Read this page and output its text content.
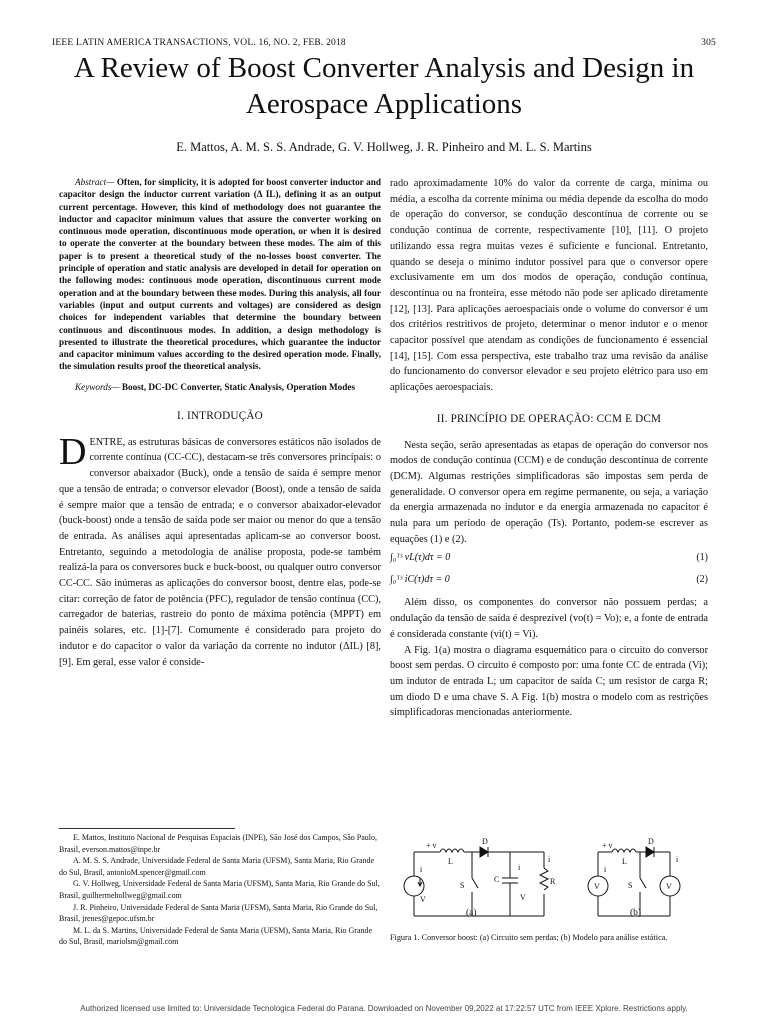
IEEE LATIN AMERICA TRANSACTIONS, VOL. 16, NO. 2, FEB. 2018	305
A Review of Boost Converter Analysis and Design in
Aerospace Applications
E. Mattos, A. M. S. S. Andrade, G. V. Hollweg, J. R. Pinheiro and M. L. S. Martins
Abstract— Often, for simplicity, it is adopted for boost converter inductor and capacitor design the inductor current variation (Δ IL), defining it as an output current percentage. However, this kind of methodology does not guarantee the inductor and capacitor minimum values that assure the converter working on continuous mode operation, discontinuous mode operation, or when it is desired to operate the converter at the boundary between these modes. The aim of this paper is to present a theoretical study of the no-losses boost converter. The principle of operation and static analysis are developed in detail for operation on the following modes: continuous mode operation, discontinuous current mode operation and at the boundary between these modes. During this analysis, all four variables (input and output currents and voltages) are considered as design choices for independent variables that determine the boundary between continuous and discontinuous modes. In addition, a design methodology is presented to illustrate the theoretical procedures, which guarantee the inductor and capacitor minimum values according to the desired operation mode. Finally, the simulation results proof the theoretical analysis.
Keywords— Boost, DC-DC Converter, Static Analysis, Operation Modes
I. INTRODUÇÃO

DENTRE, as estruturas básicas de conversores estáticos não isolados de corrente contínua (CC-CC), destacam-se três conversores principais: o conversor abaixador (Buck), onde a tensão de saída é sempre menor que a tensão de entrada; o conversor elevador (Boost), onde a tensão de saída é sempre maior que a tensão de entrada; e o conversor abaixador-elevador (buck-boost) onde a tensão de saída pode ser maior ou menor do que a tensão de entrada. As análises aqui apresentadas aplicam-se ao conversor boost. Entretanto, seguindo a metodologia de análise proposta, pode-se também realizá-la para os conversores buck e buck-boost, ou qualquer outro conversor CC-CC. São inúmeras as aplicações do conversor boost, dentre elas, pode-se citar: correção de fator de potência (PFC), regulador de tensão contínua (CC), carregador de baterias, rastreio do ponto de máxima potência (MPPT) em painéis solares, etc. [1]-[7]. Comumente é considerado para projeto do indutor e do capacitor o valor da variação da corrente no indutor (ΔIL) [8], [9]. Em geral, esse valor é conside-

rado aproximadamente 10% do valor da corrente de carga, mínima ou média, a escolha da corrente mínima ou média depende da escolha do modo de operação do conversor, se condução descontínua de corrente ou se condução contínua de corrente, respectivamente [10], [11]. O projeto utilizando essa regra muitas vezes é suficiente e funcional. Entretanto, quando se deseja o mínimo indutor possível para que o conversor opere exclusivamente em um dos modos de operação, condução contínua, descontínua ou na fronteira, esse método não pode ser aplicado diretamente [12], [13]. Para aplicações aeroespaciais onde o volume do conversor é um dos critérios restritivos de projeto, determinar o menor indutor e o menor capacitor possível que atendam as condições de funcionamento é essencial [14], [15]. Com essa perspectiva, este trabalho traz uma revisão da análise do funcionamento do conversor elevador e seu projeto elétrico para uso em aplicações aeroespaciais.

II. PRINCÍPIO DE OPERAÇÃO: CCM E DCM

Nesta seção, serão apresentadas as etapas de operação do conversor nos modos de condução contínua (CCM) e de condução descontínua de corrente (DCM). Algumas restrições simplificadoras são impostas sem perda de generalidade. O conversor opera em regime permanente, ou seja, a variação da energia armazenada no indutor e da energia armazenada no capacitor é nula para um período de operação (Ts). Portanto, podem-se escrever as equações (1) e (2).

∫₀ᵀˢ vL(τ)dτ = 0	(1)
∫₀ᵀˢ iC(τ)dτ = 0	(2)

Além disso, os componentes do conversor não possuem perdas; a ondulação da tensão de saída é desprezível (vo(t) = Vo); e, a fonte de entrada é considerada constante (vi(t) = Vi).

A Fig. 1(a) mostra o diagrama esquemático para o circuito do conversor boost sem perdas. O circuito é composto por: uma fonte CC de entrada (Vi); um indutor de entrada L; um capacitor de saída C; um resistor de carga R; um diodo D e uma chave S. A Fig. 1(b) mostra o modelo com as restrições simplificadoras mencionadas anteriormente.

E. Mattos, Instituto Nacional de Pesquisas Espaciais (INPE), São José dos Campos, São Paulo, Brasil, everson.mattos@inpe.br
A. M. S. S. Andrade, Universidade Federal de Santa Maria (UFSM), Santa Maria, Rio Grande do Sul, Brasil, antonioM.spencer@gmail.com
G. V. Hollweg, Universidade Federal de Santa Maria (UFSM), Santa Maria, Rio Grande do Sul, Brasil, guilhermehollweg@gmail.com
J. R. Pinheiro, Universidade Federal de Santa Maria (UFSM), Santa Maria, Rio Grande do Sul, Brasil, jrenes@gepoc.ufsm.br
M. L. da S. Martins, Universidade Federal de Santa Maria (UFSM), Santa Maria, Rio Grande do Sul, Brasil, mariolsm@gmail.com
+ v
L
D
C
i
i
R
S
V
V
i
+ v
L
D
i
S	V
V
i
(a)	(b)
Figura 1. Conversor boost: (a) Circuito sem perdas; (b) Modelo para análise estática.
Authorized licensed use limited to: Universidade Tecnologica Federal do Parana. Downloaded on November 09,2022 at 17:22:57 UTC from IEEE Xplore. Restrictions apply.
